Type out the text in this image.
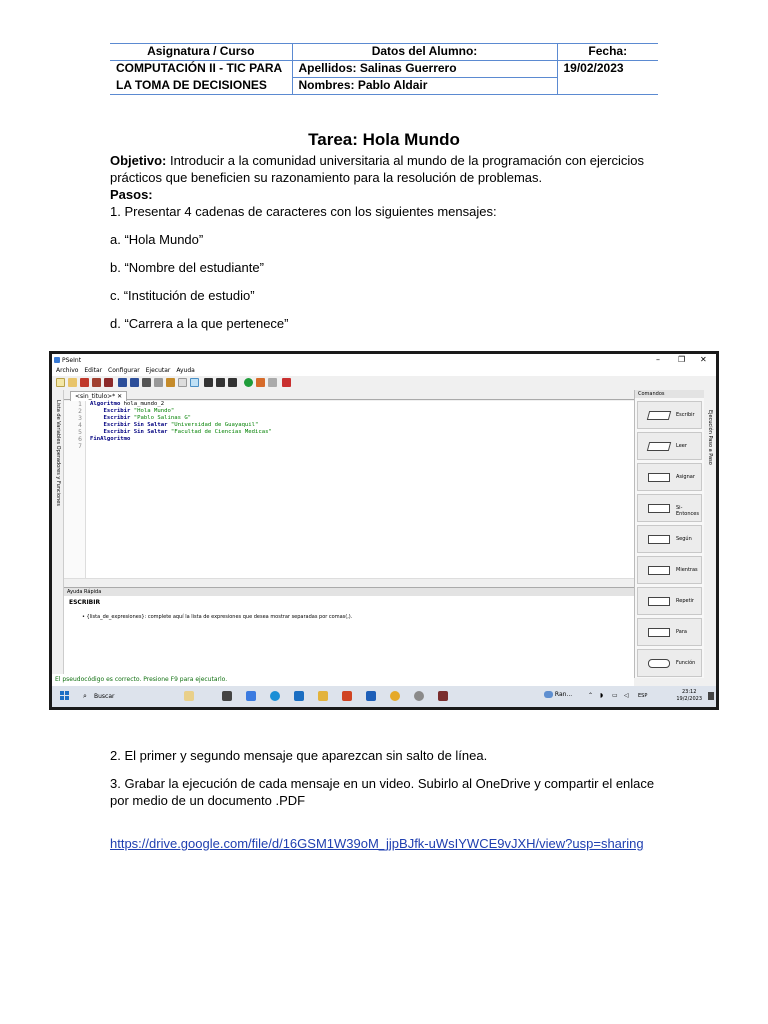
Asignatura / Curso	Datos del Alumno:	Fecha:
COMPUTACIÓN II - TIC PARA	Apellidos: Salinas Guerrero	19/02/2023
LA TOMA DE DECISIONES	Nombres: Pablo Aldair	
Tarea: Hola Mundo
Objetivo: Introducir a la comunidad universitaria al mundo de la programación con ejercicios prácticos que beneficien su razonamiento para la resolución de problemas.
Pasos:
1. Presentar 4 cadenas de caracteres con los siguientes mensajes:
a. “Hola Mundo”
b. “Nombre del estudiante”
c. “Institución de estudio”
d. “Carrera a la que pertenece”
PSeInt	– ❐ ✕
Archivo Editar Configurar Ejecutar Ayuda
Lista de Variables Operadores y Funciones
<sin_titulo>* ✕
1
2
3
4
5
6
7
Algoritmo hola_mundo_2
Escribir "Hola Mundo"
Escribir "Pablo Salinas G"
Escribir Sin Saltar "Universidad de Guayaquil"
Escribir Sin Saltar "Facultad de Ciencias Medicas"
FinAlgoritmo
Ayuda Rápida
ESCRIBIR
• {lista_de_expresiones}: complete aquí la lista de expresiones que desea mostrar separadas por comas(,).
Comandos
Escribir
Leer
Asignar
Si-Entonces
Según
Mientras
Repetir
Para
Función
Ejecución Paso a Paso
El pseudocódigo es correcto. Presione F9 para ejecutarlo.
⌕ Buscar	Ran...	⌃ ◗ ▭ ◁ ESP
23:12
19/2/2023
2. El primer y segundo mensaje que aparezcan sin salto de línea.
3. Grabar la ejecución de cada mensaje en un video. Subirlo al OneDrive y compartir el enlace por medio de un documento .PDF
https://drive.google.com/file/d/16GSM1W39oM_jjpBJfk-uWsIYWCE9vJXH/view?usp=sharing
